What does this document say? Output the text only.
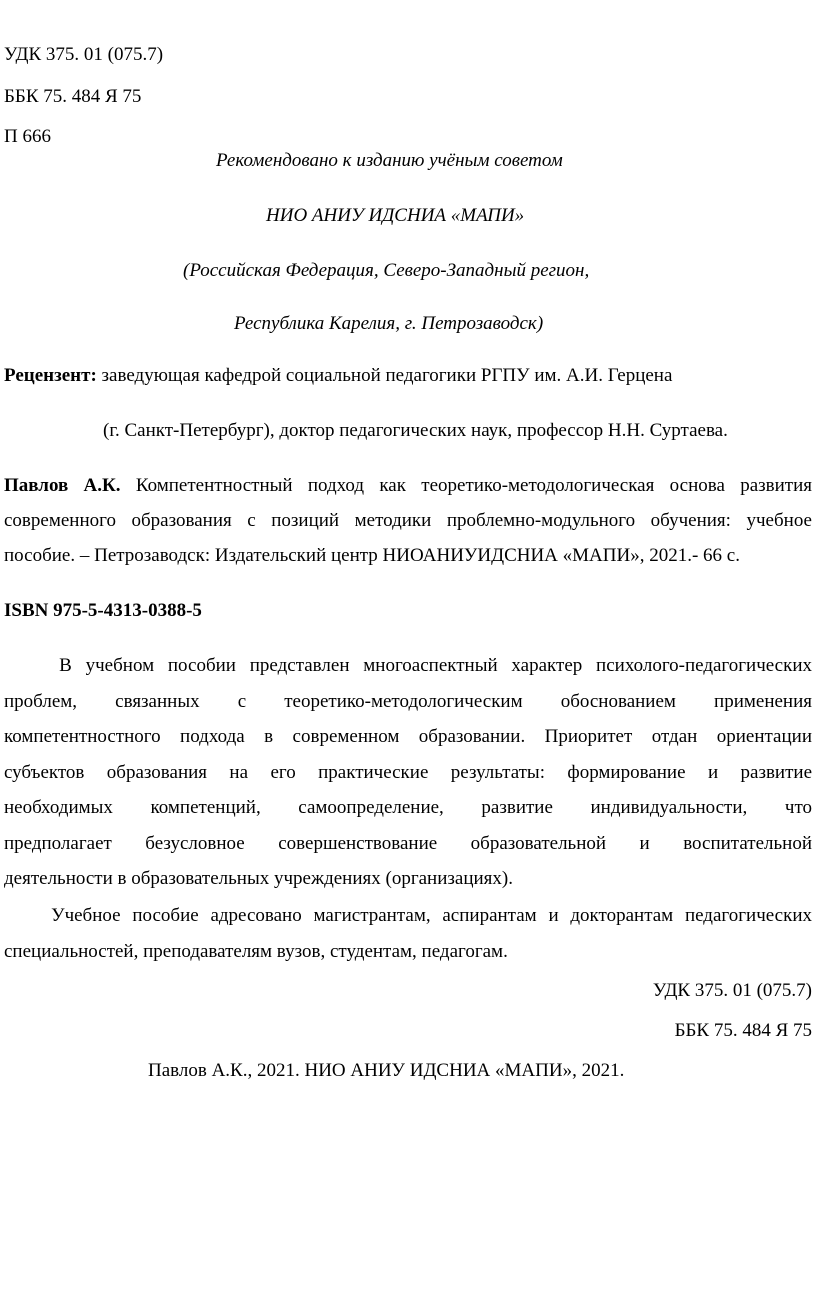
УДК 375. 01 (075.7)
ББК 75. 484 Я 75
П 666
Рекомендовано к изданию учёным советом
НИО АНИУ ИДСНИА «МАПИ»
(Российская Федерация, Северо-Западный регион,
Республика Карелия, г. Петрозаводск)
Рецензент: заведующая кафедрой социальной педагогики РГПУ им. А.И. Герцена
(г. Санкт-Петербург), доктор педагогических наук, профессор Н.Н. Суртаева.
Павлов А.К. Компетентностный подход как теоретико-методологическая основа развития
современного образования с позиций методики проблемно-модульного обучения: учебное
пособие. – Петрозаводск: Издательский центр НИОАНИУИДСНИА «МАПИ», 2021.- 66 с.
ISBN 975-5-4313-0388-5
В учебном пособии представлен многоаспектный характер психолого-педагогических
проблем, связанных с теоретико-методологическим обоснованием применения
компетентностного подхода в современном образовании. Приоритет отдан ориентации
субъектов образования на его практические результаты: формирование и развитие
необходимых компетенций, самоопределение, развитие индивидуальности, что
предполагает безусловное совершенствование образовательной и воспитательной
деятельности в образовательных учреждениях (организациях).
Учебное пособие адресовано магистрантам, аспирантам и докторантам педагогических
специальностей, преподавателям вузов, студентам, педагогам.
УДК 375. 01 (075.7)
ББК 75. 484 Я 75
Павлов А.К., 2021. НИО АНИУ ИДСНИА «МАПИ», 2021.
